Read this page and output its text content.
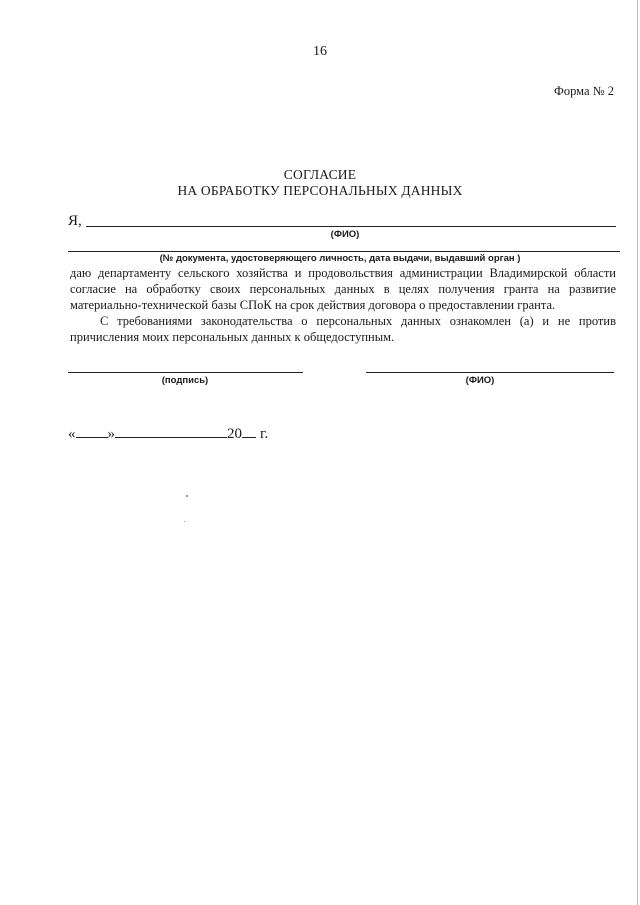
16
Форма № 2
СОГЛАСИЕ
НА ОБРАБОТКУ ПЕРСОНАЛЬНЫХ ДАННЫХ
Я,
(ФИО)
(№ документа, удостоверяющего личность, дата выдачи, выдавший орган )
даю департаменту сельского хозяйства и продовольствия администрации Владимирской области согласие на обработку своих персональных данных в целях получения гранта на развитие материально-технической базы СПоК на срок действия договора о предоставлении гранта.
С требованиями законодательства о персональных данных ознакомлен (а) и не против причисления моих персональных данных к общедоступным.
(подпись)	(ФИО)
« »	20 г.
